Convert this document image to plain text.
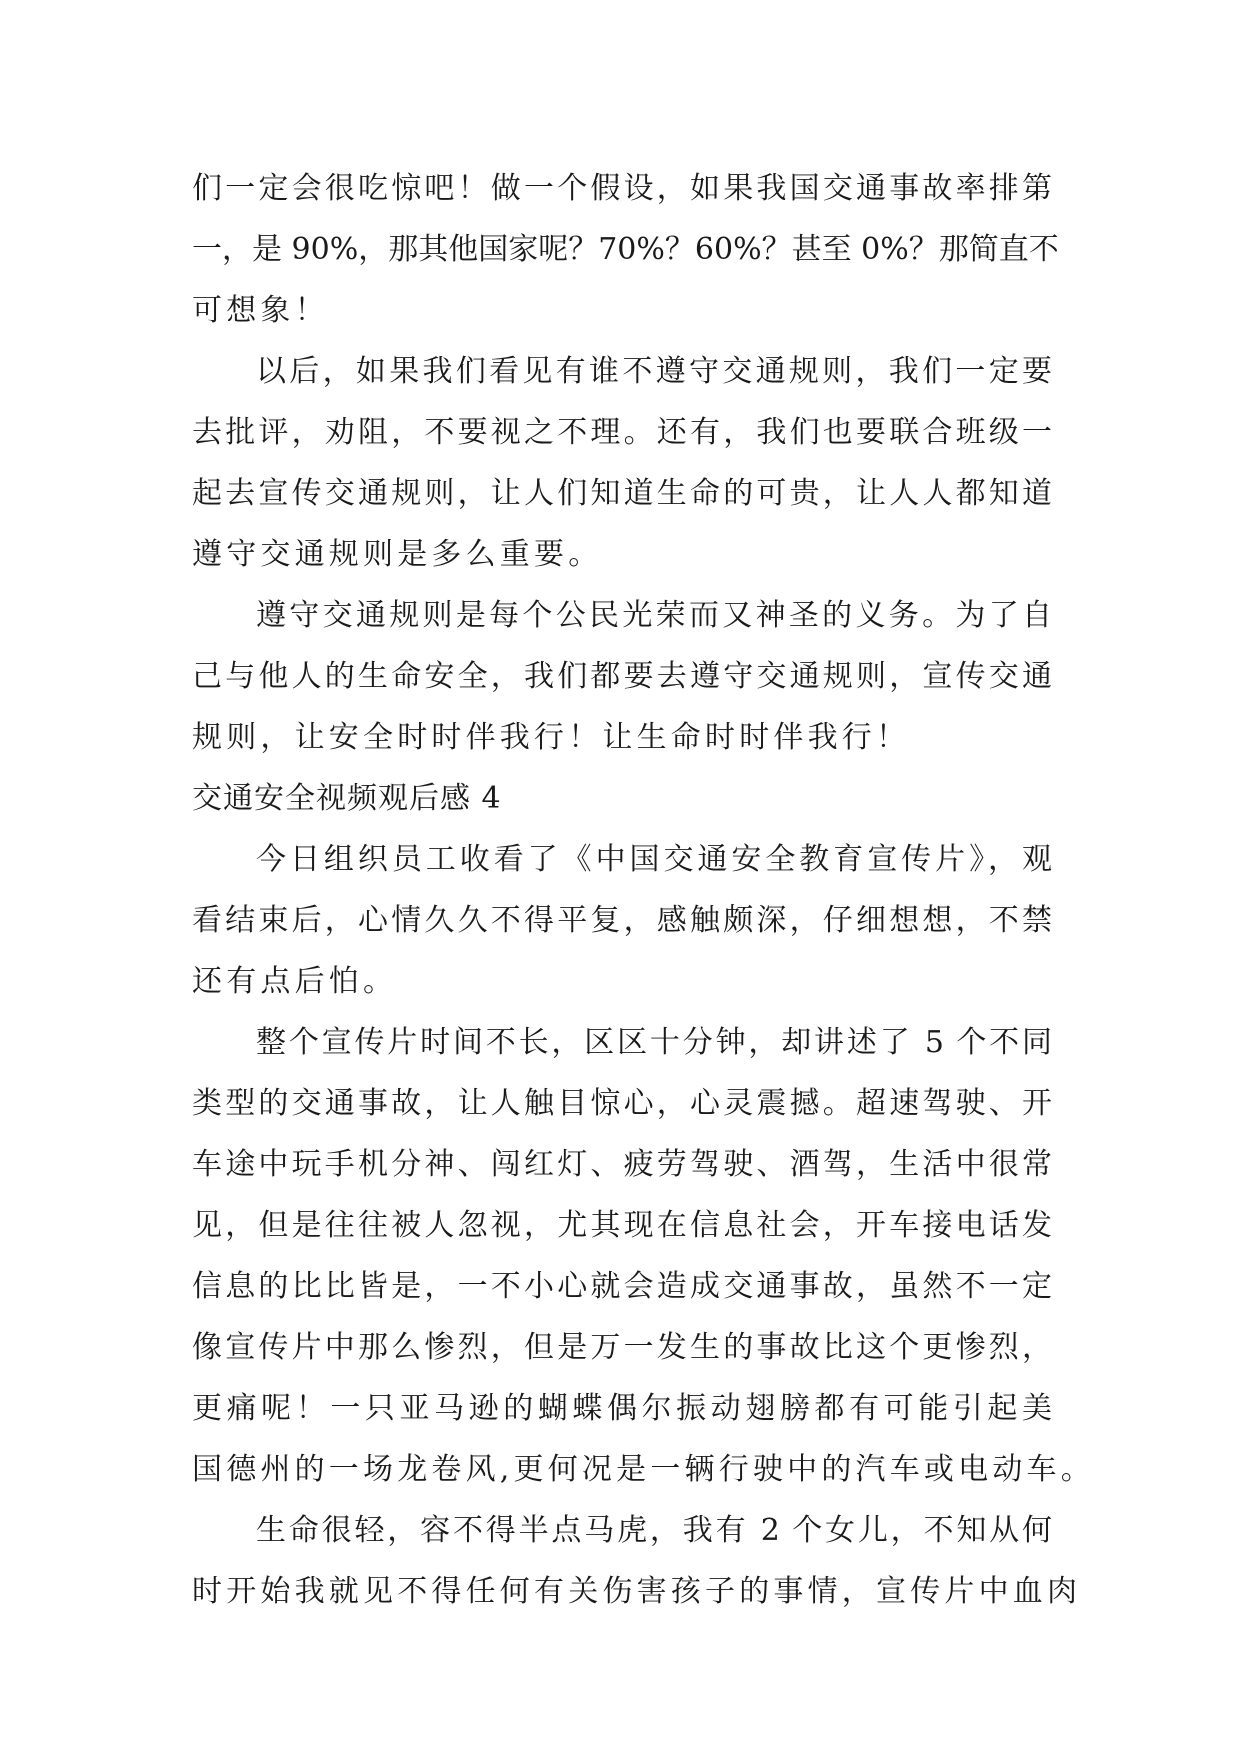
们一定会很吃惊吧！做一个假设，如果我国交通事故率排第
一，是 90%，那其他国家呢？70%？60%？甚至 0%？那简直不
可想象！
以后，如果我们看见有谁不遵守交通规则，我们一定要
去批评，劝阻，不要视之不理。还有，我们也要联合班级一
起去宣传交通规则，让人们知道生命的可贵，让人人都知道
遵守交通规则是多么重要。
遵守交通规则是每个公民光荣而又神圣的义务。为了自
己与他人的生命安全，我们都要去遵守交通规则，宣传交通
规则，让安全时时伴我行！让生命时时伴我行！
交通安全视频观后感 4
今日组织员工收看了《中国交通安全教育宣传片》，观
看结束后，心情久久不得平复，感触颇深，仔细想想，不禁
还有点后怕。
整个宣传片时间不长，区区十分钟，却讲述了 5 个不同
类型的交通事故，让人触目惊心，心灵震撼。超速驾驶、开
车途中玩手机分神、闯红灯、疲劳驾驶、酒驾，生活中很常
见，但是往往被人忽视，尤其现在信息社会，开车接电话发
信息的比比皆是，一不小心就会造成交通事故，虽然不一定
像宣传片中那么惨烈，但是万一发生的事故比这个更惨烈，
更痛呢！一只亚马逊的蝴蝶偶尔振动翅膀都有可能引起美
国德州的一场龙卷风,更何况是一辆行驶中的汽车或电动车。
生命很轻，容不得半点马虎，我有 2 个女儿，不知从何
时开始我就见不得任何有关伤害孩子的事情，宣传片中血肉
